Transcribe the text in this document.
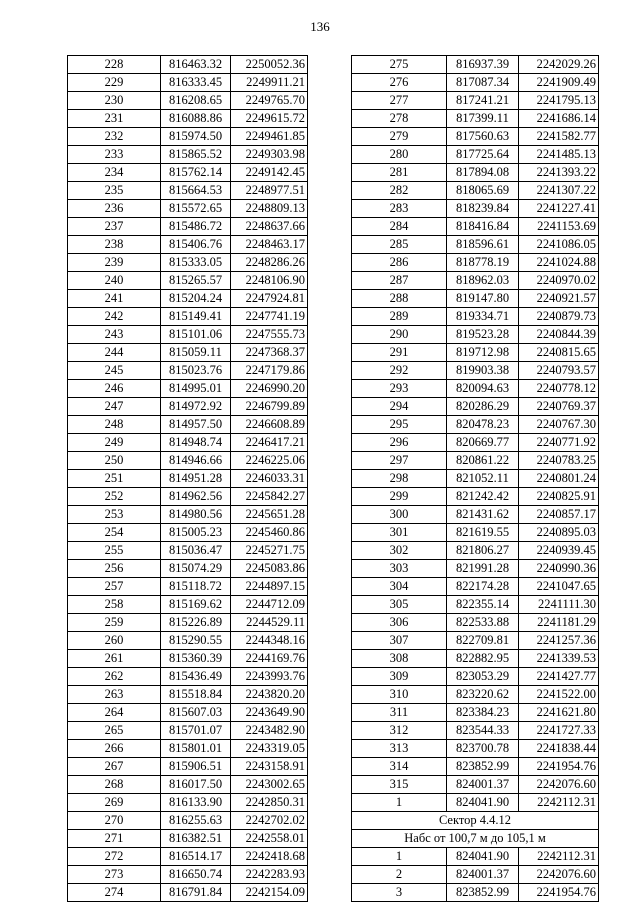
136
228	816463.32	2250052.36
229	816333.45	2249911.21
230	816208.65	2249765.70
231	816088.86	2249615.72
232	815974.50	2249461.85
233	815865.52	2249303.98
234	815762.14	2249142.45
235	815664.53	2248977.51
236	815572.65	2248809.13
237	815486.72	2248637.66
238	815406.76	2248463.17
239	815333.05	2248286.26
240	815265.57	2248106.90
241	815204.24	2247924.81
242	815149.41	2247741.19
243	815101.06	2247555.73
244	815059.11	2247368.37
245	815023.76	2247179.86
246	814995.01	2246990.20
247	814972.92	2246799.89
248	814957.50	2246608.89
249	814948.74	2246417.21
250	814946.66	2246225.06
251	814951.28	2246033.31
252	814962.56	2245842.27
253	814980.56	2245651.28
254	815005.23	2245460.86
255	815036.47	2245271.75
256	815074.29	2245083.86
257	815118.72	2244897.15
258	815169.62	2244712.09
259	815226.89	2244529.11
260	815290.55	2244348.16
261	815360.39	2244169.76
262	815436.49	2243993.76
263	815518.84	2243820.20
264	815607.03	2243649.90
265	815701.07	2243482.90
266	815801.01	2243319.05
267	815906.51	2243158.91
268	816017.50	2243002.65
269	816133.90	2242850.31
270	816255.63	2242702.02
271	816382.51	2242558.01
272	816514.17	2242418.68
273	816650.74	2242283.93
274	816791.84	2242154.09
275	816937.39	2242029.26
276	817087.34	2241909.49
277	817241.21	2241795.13
278	817399.11	2241686.14
279	817560.63	2241582.77
280	817725.64	2241485.13
281	817894.08	2241393.22
282	818065.69	2241307.22
283	818239.84	2241227.41
284	818416.84	2241153.69
285	818596.61	2241086.05
286	818778.19	2241024.88
287	818962.03	2240970.02
288	819147.80	2240921.57
289	819334.71	2240879.73
290	819523.28	2240844.39
291	819712.98	2240815.65
292	819903.38	2240793.57
293	820094.63	2240778.12
294	820286.29	2240769.37
295	820478.23	2240767.30
296	820669.77	2240771.92
297	820861.22	2240783.25
298	821052.11	2240801.24
299	821242.42	2240825.91
300	821431.62	2240857.17
301	821619.55	2240895.03
302	821806.27	2240939.45
303	821991.28	2240990.36
304	822174.28	2241047.65
305	822355.14	2241111.30
306	822533.88	2241181.29
307	822709.81	2241257.36
308	822882.95	2241339.53
309	823053.29	2241427.77
310	823220.62	2241522.00
311	823384.23	2241621.80
312	823544.33	2241727.33
313	823700.78	2241838.44
314	823852.99	2241954.76
315	824001.37	2242076.60
1	824041.90	2242112.31
Сектор 4.4.12		
Набс от 100,7 м до 105,1 м		
1	824041.90	2242112.31
2	824001.37	2242076.60
3	823852.99	2241954.76
